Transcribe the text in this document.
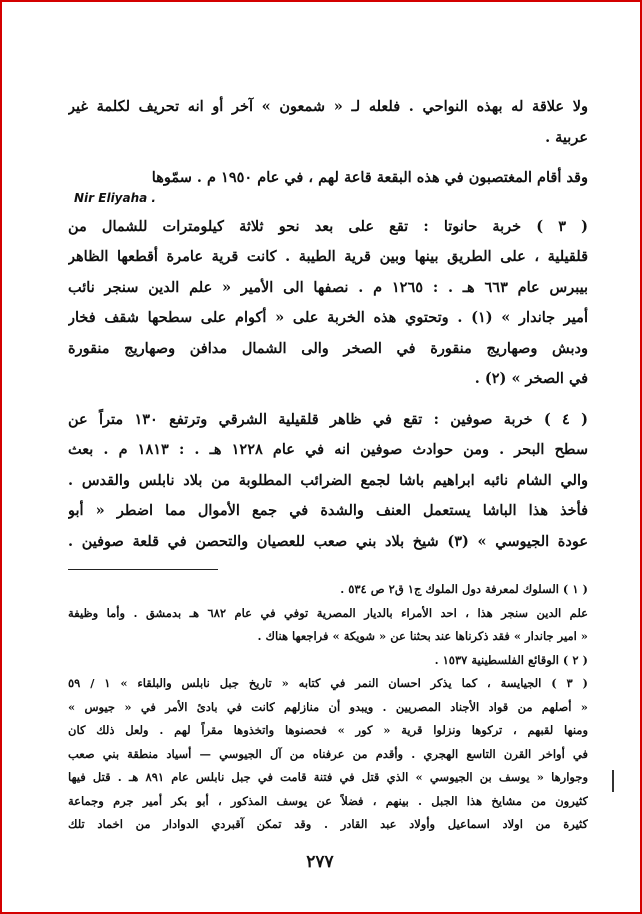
ولا علاقة له بهذه النواحي . فلعله لـ « شمعون » آخر أو انه تحريف لكلمة غير
عربية .
وقد أقام المغتصبون في هذه البقعة قاعة لهم ، في عام ١٩٥٠ م . سمّوها
Nir Eliyaha .
( ٣ ) خربة حانوتا : تقع على بعد نحو ثلاثة كيلومترات للشمال من
قلقيلية ، على الطريق بينها وبين قرية الطيبة . كانت قرية عامرة أقطعها الظاهر
بيبرس عام ٦٦٣ هـ . : ١٢٦٥ م . نصفها الى الأمير « علم الدين سنجر نائب
أمير جاندار » (١) . وتحتوي هذه الخربة على « أكوام على سطحها شقف فخار
ودبش وصهاريج منقورة في الصخر والى الشمال مدافن وصهاريج منقورة
في الصخر » (٢) .
( ٤ ) خربة صوفين : تقع في ظاهر قلقيلية الشرقي وترتفع ١٣٠ متراً عن
سطح البحر . ومن حوادث صوفين انه في عام ١٢٢٨ هـ . : ١٨١٣ م . بعث
والي الشام نائبه ابراهيم باشا لجمع الضرائب المطلوبة من بلاد نابلس والقدس .
فأخذ هذا الباشا يستعمل العنف والشدة في جمع الأموال مما اضطر « أبو
عودة الجيوسي » (٣) شيخ بلاد بني صعب للعصيان والتحصن في قلعة صوفين .
( ١ ) السلوك لمعرفة دول الملوك ج١ ق٢ ص ٥٣٤ .
علم الدين سنجر هذا ، احد الأمراء بالديار المصرية توفي في عام ٦٨٢ هـ بدمشق . وأما وظيفة
« امير جاندار » فقد ذكرناها عند بحثنا عن « شويكة » فراجعها هناك .
( ٢ ) الوقائع الفلسطينية ١٥٣٧ .
( ٣ ) الجيايسة ، كما يذكر احسان النمر في كتابه « تاريخ جبل نابلس والبلقاء » ١ / ٥٩
« أصلهم من قواد الأجناد المصريين . ويبدو أن منازلهم كانت في بادئ الأمر في « جيوس »
ومنها لقبهم ، تركوها ونزلوا قرية « كور » فحصنوها واتخذوها مقراً لهم . ولعل ذلك كان
في أواخر القرن التاسع الهجري . وأقدم من عرفناه من آل الجيوسي — أسياد منطقة بني صعب
وجوارها « يوسف بن الجيوسي » الذي قتل في فتنة قامت في جبل نابلس عام ٨٩١ هـ . قتل فيها
كثيرون من مشايخ هذا الجبل . بينهم ، فضلاً عن يوسف المذكور ، أبو بكر أمير جرم وجماعة
كثيرة من اولاد اسماعيل وأولاد عبد القادر . وقد تمكن آقبردي الدوادار من اخماد تلك
٢٧٧
